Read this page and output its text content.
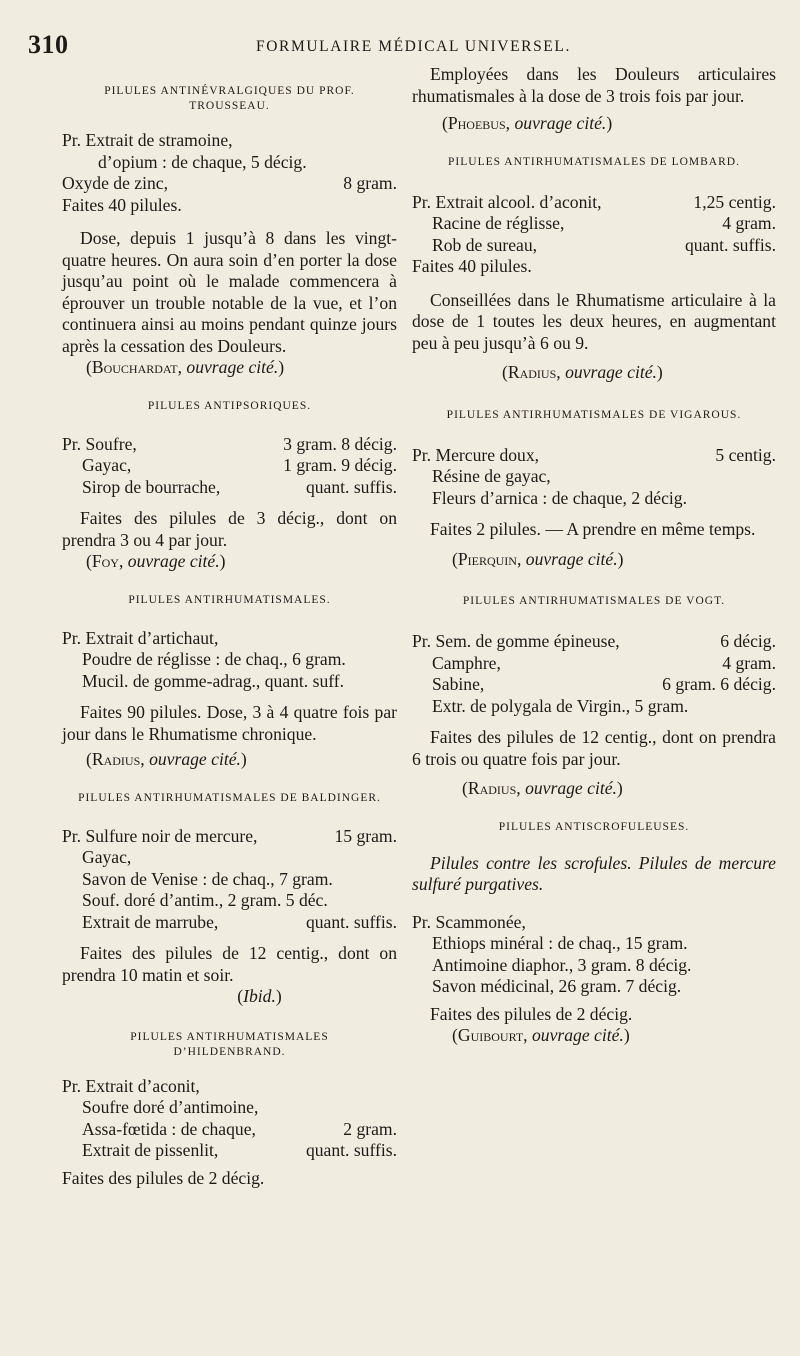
310	FORMULAIRE MÉDICAL UNIVERSEL.

PILULES ANTINÉVRALGIQUES DU PROF.

TROUSSEAU.

Pr. Extrait de stramoine,

d’opium : de chaque, 5 décig.

Oxyde de zinc,	8 gram.

Faites 40 pilules.

Dose, depuis 1 jusqu’à 8 dans les vingt-quatre heures. On aura soin d’en porter la dose jusqu’au point où le malade commencera à éprouver un trouble notable de la vue, et l’on continuera ainsi au moins pendant quinze jours après la cessation des Douleurs.

(Bouchardat, ouvrage cité.)

PILULES ANTIPSORIQUES.

Pr. Soufre,	3 gram. 8 décig.
Gayac,	1 gram. 9 décig.
Sirop de bourrache,	quant. suffis.

Faites des pilules de 3 décig., dont on prendra 3 ou 4 par jour.

(Foy, ouvrage cité.)

PILULES ANTIRHUMATISMALES.

Pr. Extrait d’artichaut,

Poudre de réglisse : de chaq., 6 gram.

Mucil. de gomme-adrag., quant. suff.

Faites 90 pilules. Dose, 3 à 4 quatre fois par jour dans le Rhumatisme chronique.

(Radius, ouvrage cité.)

PILULES ANTIRHUMATISMALES DE BALDINGER.

Pr. Sulfure noir de mercure,	15 gram.

Gayac,

Savon de Venise : de chaq., 7 gram.

Souf. doré d’antim., 2 gram. 5 déc.

Extrait de marrube,	quant. suffis.

Faites des pilules de 12 centig., dont on prendra 10 matin et soir.

(Ibid.)

PILULES ANTIRHUMATISMALES

D’HILDENBRAND.

Pr. Extrait d’aconit,

Soufre doré d’antimoine,

Assa-fœtida : de chaque,	2 gram.
Extrait de pissenlit,	quant. suffis.

Faites des pilules de 2 décig.

Employées dans les Douleurs articulaires rhumatismales à la dose de 3 trois fois par jour.

(Phoebus, ouvrage cité.)

PILULES ANTIRHUMATISMALES DE LOMBARD.

Pr. Extrait alcool. d’aconit,	1,25 centig.
Racine de réglisse,	4 gram.
Rob de sureau,	quant. suffis.

Faites 40 pilules.

Conseillées dans le Rhumatisme articulaire à la dose de 1 toutes les deux heures, en augmentant peu à peu jusqu’à 6 ou 9.

(Radius, ouvrage cité.)

PILULES ANTIRHUMATISMALES DE VIGAROUS.

Pr. Mercure doux,	5 centig.

Résine de gayac,

Fleurs d’arnica : de chaque, 2 décig.

Faites 2 pilules. — A prendre en même temps.

(Pierquin, ouvrage cité.)

PILULES ANTIRHUMATISMALES DE VOGT.

Pr. Sem. de gomme épineuse,	6 décig.
Camphre,	4 gram.
Sabine,	6 gram. 6 décig.

Extr. de polygala de Virgin., 5 gram.

Faites des pilules de 12 centig., dont on prendra 6 trois ou quatre fois par jour.

(Radius, ouvrage cité.)

PILULES ANTISCROFULEUSES.

Pilules contre les scrofules. Pilules de mercure sulfuré purgatives.

Pr. Scammonée,

Ethiops minéral : de chaq., 15 gram.

Antimoine diaphor., 3 gram. 8 décig.

Savon médicinal, 26 gram. 7 décig.

Faites des pilules de 2 décig.

(Guibourt, ouvrage cité.)
